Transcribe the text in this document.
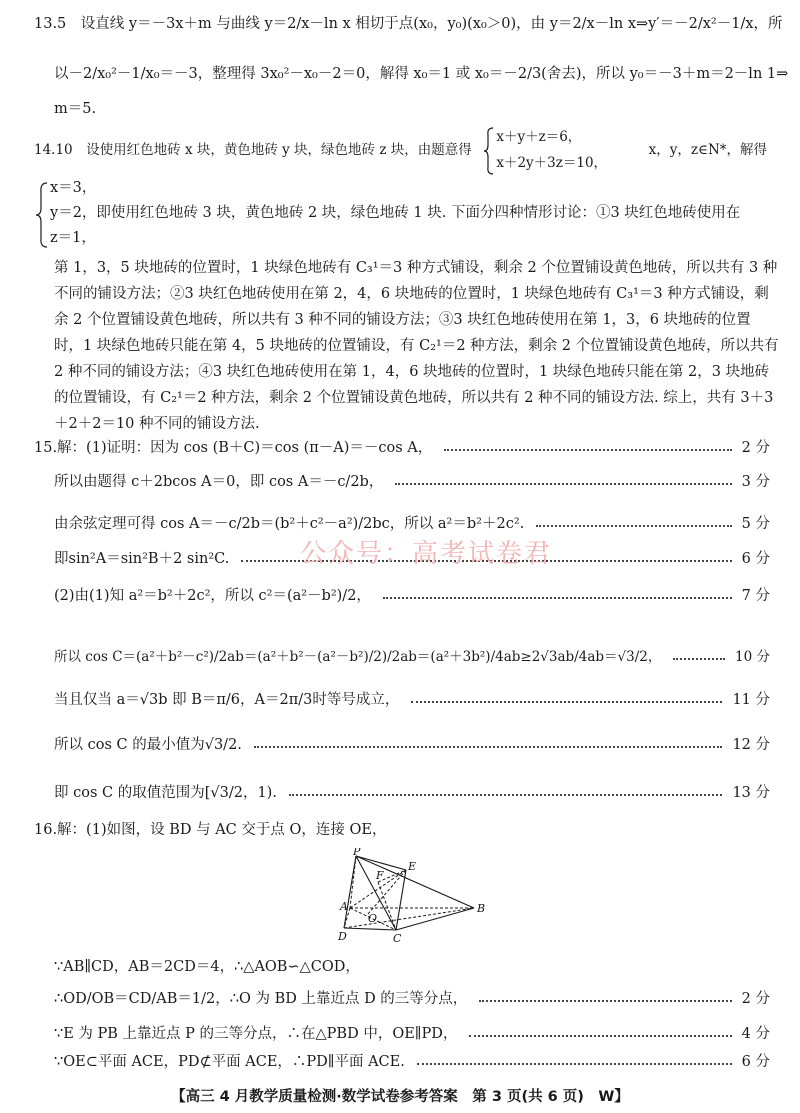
13.5　设直线 y＝－3x＋m 与曲线 y＝2/x－ln x 相切于点(x₀，y₀)(x₀＞0)，由 y＝2/x－ln x⇒y′＝－2/x²－1/x，所
以－2/x₀²－1/x₀＝－3，整理得 3x₀²－x₀－2＝0，解得 x₀＝1 或 x₀＝－2/3(舍去)，所以 y₀＝－3＋m＝2－ln 1⇒
m＝5.
14.10　设使用红色地砖 x 块，黄色地砖 y 块，绿色地砖 z 块，由题意得
x＋y＋z＝6，
x＋2y＋3z＝10，
x，y，z∈N*，解得
x＝3，
y＝2，即使用红色地砖 3 块，黄色地砖 2 块，绿色地砖 1 块. 下面分四种情形讨论：①3 块红色地砖使用在
z＝1，
第 1，3，5 块地砖的位置时，1 块绿色地砖有 C₃¹＝3 种方式铺设，剩余 2 个位置铺设黄色地砖，所以共有 3 种
不同的铺设方法；②3 块红色地砖使用在第 2，4，6 块地砖的位置时，1 块绿色地砖有 C₃¹＝3 种方式铺设，剩
余 2 个位置铺设黄色地砖，所以共有 3 种不同的铺设方法；③3 块红色地砖使用在第 1，3，6 块地砖的位置
时，1 块绿色地砖只能在第 4，5 块地砖的位置铺设，有 C₂¹＝2 种方法，剩余 2 个位置铺设黄色地砖，所以共有
2 种不同的铺设方法；④3 块红色地砖使用在第 1，4，6 块地砖的位置时，1 块绿色地砖只能在第 2，3 块地砖
的位置铺设，有 C₂¹＝2 种方法，剩余 2 个位置铺设黄色地砖，所以共有 2 种不同的铺设方法. 综上，共有 3＋3
＋2＋2＝10 种不同的铺设方法.
15.解：(1)证明：因为 cos (B＋C)＝cos (π－A)＝－cos A，	2 分
所以由题得 c＋2bcos A＝0，即 cos A＝－c/2b，	3 分
由余弦定理可得 cos A＝－c/2b＝(b²＋c²－a²)/2bc，所以 a²＝b²＋2c².	5 分
即sin²A＝sin²B＋2 sin²C.	6 分
(2)由(1)知 a²＝b²＋2c²，所以 c²＝(a²－b²)/2，	7 分
所以 cos C＝(a²＋b²－c²)/2ab＝(a²＋b²－(a²－b²)/2)/2ab＝(a²＋3b²)/4ab≥2√3ab/4ab＝√3/2，	10 分
当且仅当 a＝√3b 即 B＝π/6，A＝2π/3时等号成立，	11 分
所以 cos C 的最小值为√3/2.	12 分
即 cos C 的取值范围为[√3/2，1).	13 分
公众号：高考试卷君
16.解：(1)如图，设 BD 与 AC 交于点 O，连接 OE，
P
E
F
A
O
B
D	C
∵AB∥CD，AB＝2CD＝4，∴△AOB∽△COD，
∴OD/OB＝CD/AB＝1/2，∴O 为 BD 上靠近点 D 的三等分点，	2 分
∵E 为 PB 上靠近点 P 的三等分点，∴在△PBD 中，OE∥PD，	4 分
∵OE⊂平面 ACE，PD⊄平面 ACE，∴PD∥平面 ACE.	6 分
【高三 4 月教学质量检测·数学试卷参考答案　第 3 页(共 6 页)　W】
